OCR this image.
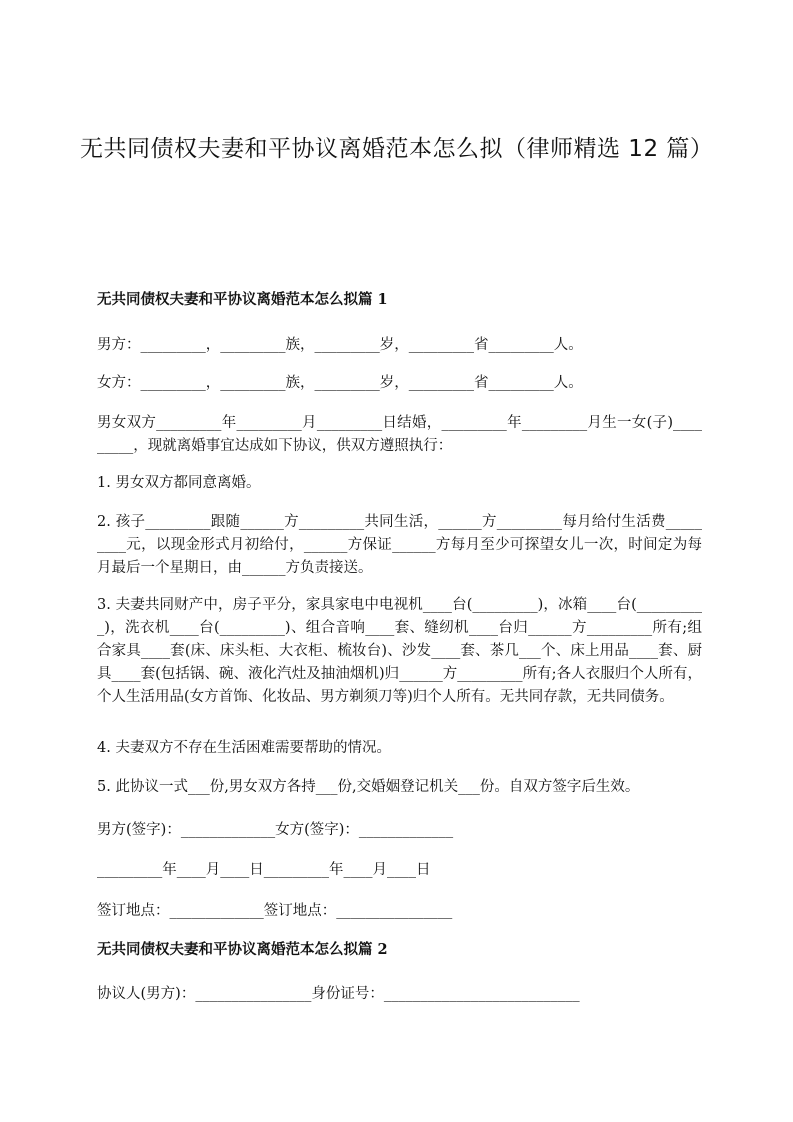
无共同债权夫妻和平协议离婚范本怎么拟（律师精选 12 篇）
无共同债权夫妻和平协议离婚范本怎么拟篇 1

男方：_________，_________族，_________岁，_________省_________人。

女方：_________，_________族，_________岁，_________省_________人。

男女双方_________年_________月_________日结婚，_________年_________月生一女(子)_________，现就离婚事宜达成如下协议，供双方遵照执行：

1. 男女双方都同意离婚。

2. 孩子_________跟随______方_________共同生活，______方_________每月给付生活费_________元，以现金形式月初给付，______方保证______方每月至少可探望女儿一次，时间定为每月最后一个星期日，由______方负责接送。

3. 夫妻共同财产中，房子平分，家具家电中电视机____台(_________)，冰箱____台(__________)，洗衣机____台(_________)、组合音响____套、缝纫机____台归______方_________所有;组合家具____套(床、床头柜、大衣柜、梳妆台)、沙发____套、茶几___个、床上用品____套、厨具____套(包括锅、碗、液化汽灶及抽油烟机)归______方_________所有;各人衣服归个人所有，个人生活用品(女方首饰、化妆品、男方剃须刀等)归个人所有。无共同存款，无共同债务。

4. 夫妻双方不存在生活困难需要帮助的情况。

5. 此协议一式___份,男女双方各持___份,交婚姻登记机关___份。自双方签字后生效。

男方(签字)：_____________女方(签字)：_____________

_________年____月____日_________年____月____日

签订地点：_____________签订地点：________________

无共同债权夫妻和平协议离婚范本怎么拟篇 2

协议人(男方)：________________身份证号：___________________________
